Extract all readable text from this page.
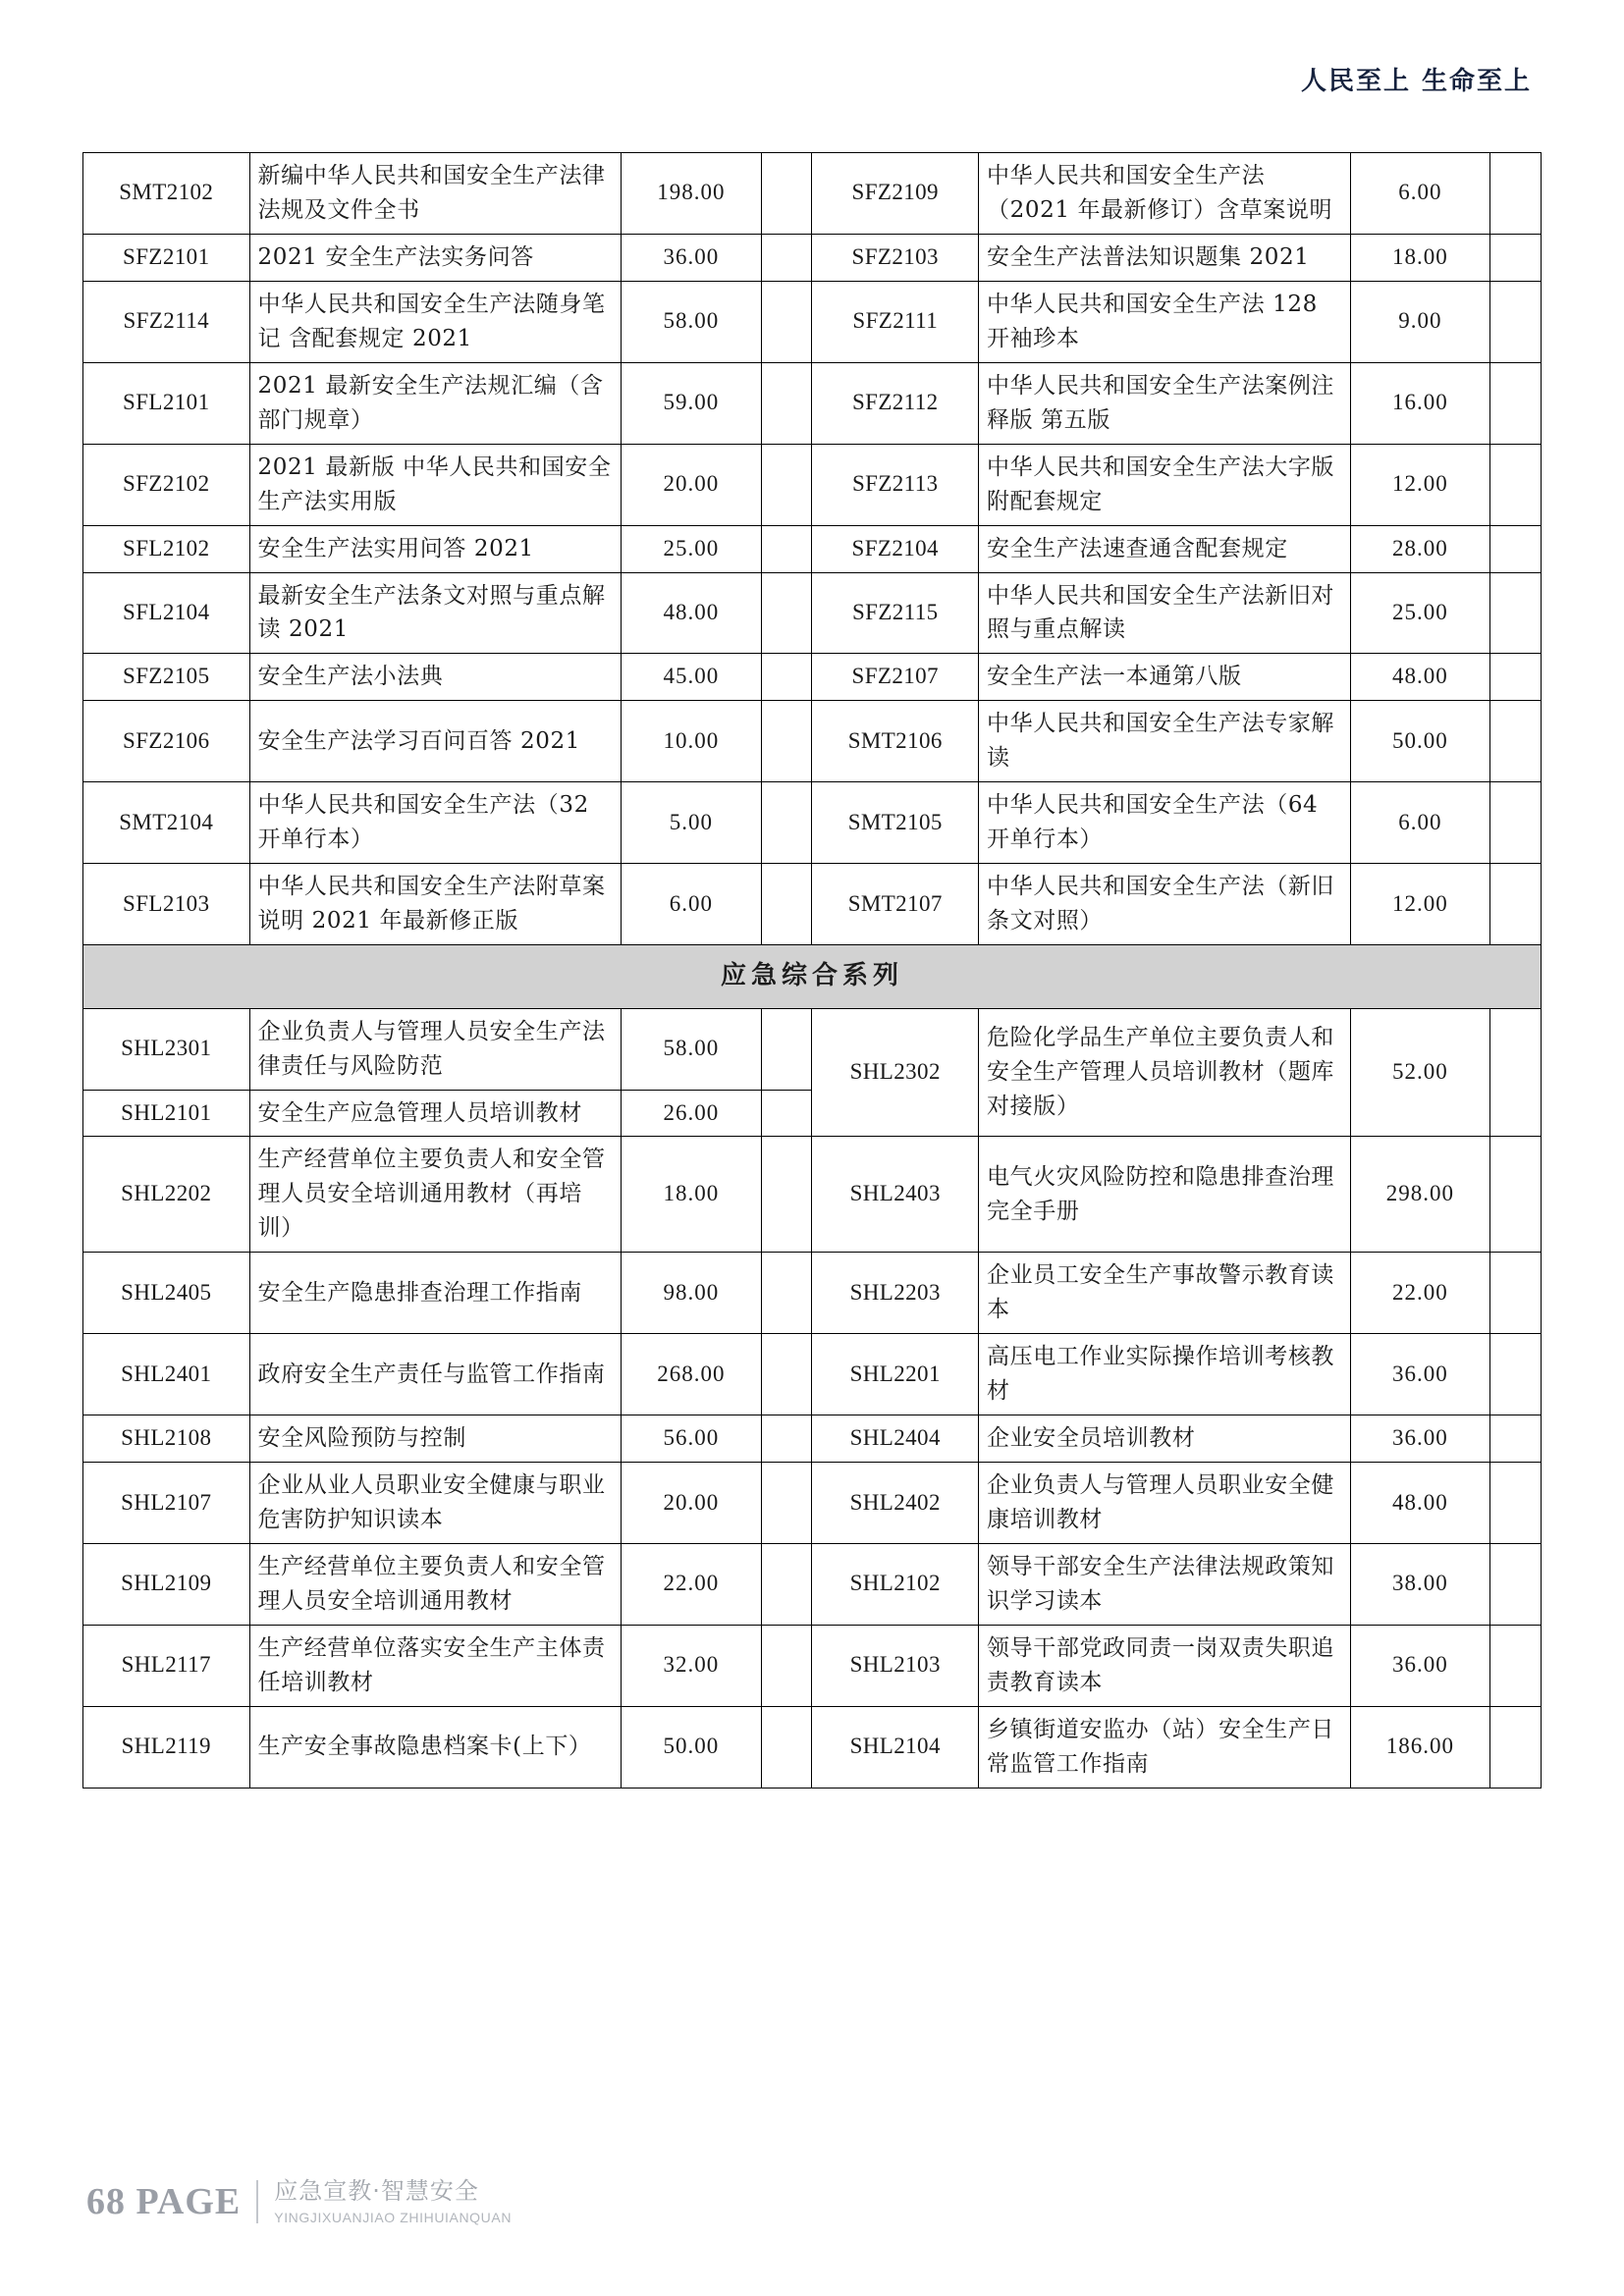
人民至上 生命至上
SMT2102	新编中华人民共和国安全生产法律法规及文件全书	198.00		SFZ2109	中华人民共和国安全生产法（2021 年最新修订）含草案说明	6.00	
SFZ2101	2021 安全生产法实务问答	36.00		SFZ2103	安全生产法普法知识题集 2021	18.00	
SFZ2114	中华人民共和国安全生产法随身笔记 含配套规定 2021	58.00		SFZ2111	中华人民共和国安全生产法 128 开袖珍本	9.00	
SFL2101	2021 最新安全生产法规汇编（含部门规章）	59.00		SFZ2112	中华人民共和国安全生产法案例注释版 第五版	16.00	
SFZ2102	2021 最新版 中华人民共和国安全生产法实用版	20.00		SFZ2113	中华人民共和国安全生产法大字版 附配套规定	12.00	
SFL2102	安全生产法实用问答 2021	25.00		SFZ2104	安全生产法速查通含配套规定	28.00	
SFL2104	最新安全生产法条文对照与重点解读 2021	48.00		SFZ2115	中华人民共和国安全生产法新旧对照与重点解读	25.00	
SFZ2105	安全生产法小法典	45.00		SFZ2107	安全生产法一本通第八版	48.00	
SFZ2106	安全生产法学习百问百答 2021	10.00		SMT2106	中华人民共和国安全生产法专家解读	50.00	
SMT2104	中华人民共和国安全生产法（32 开单行本）	5.00		SMT2105	中华人民共和国安全生产法（64 开单行本）	6.00	
SFL2103	中华人民共和国安全生产法附草案说明 2021 年最新修正版	6.00		SMT2107	中华人民共和国安全生产法（新旧条文对照）	12.00	
应急综合系列							
SHL2301	企业负责人与管理人员安全生产法律责任与风险防范	58.00		SHL2302	危险化学品生产单位主要负责人和安全生产管理人员培训教材（题库对接版）	52.00	
SHL2101	安全生产应急管理人员培训教材	26.00					
SHL2202	生产经营单位主要负责人和安全管理人员安全培训通用教材（再培训）	18.00		SHL2403	电气火灾风险防控和隐患排查治理完全手册	298.00	
SHL2405	安全生产隐患排查治理工作指南	98.00		SHL2203	企业员工安全生产事故警示教育读本	22.00	
SHL2401	政府安全生产责任与监管工作指南	268.00		SHL2201	高压电工作业实际操作培训考核教材	36.00	
SHL2108	安全风险预防与控制	56.00		SHL2404	企业安全员培训教材	36.00	
SHL2107	企业从业人员职业安全健康与职业危害防护知识读本	20.00		SHL2402	企业负责人与管理人员职业安全健康培训教材	48.00	
SHL2109	生产经营单位主要负责人和安全管理人员安全培训通用教材	22.00		SHL2102	领导干部安全生产法律法规政策知识学习读本	38.00	
SHL2117	生产经营单位落实安全生产主体责任培训教材	32.00		SHL2103	领导干部党政同责一岗双责失职追责教育读本	36.00	
SHL2119	生产安全事故隐患档案卡(上下）	50.00		SHL2104	乡镇街道安监办（站）安全生产日常监管工作指南	186.00	
68 PAGE 应急宣教·智慧安全
YINGJIXUANJIAO ZHIHUIANQUAN
